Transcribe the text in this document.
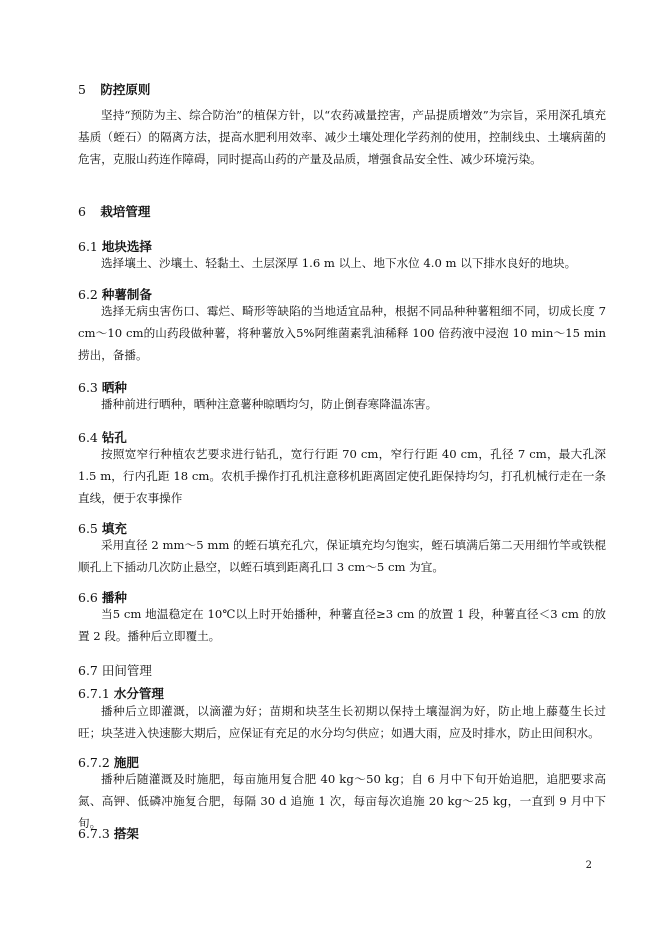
5 防控原则

坚持“预防为主、综合防治”的植保方针，以“农药减量控害，产品提质增效”为宗旨，采用深孔填充基质（蛭石）的隔离方法，提高水肥利用效率、减少土壤处理化学药剂的使用，控制线虫、土壤病菌的危害，克服山药连作障碍，同时提高山药的产量及品质，增强食品安全性、减少环境污染。

6 栽培管理
6.1 地块选择

选择壤土、沙壤土、轻黏土、土层深厚 1.6 m 以上、地下水位 4.0 m 以下排水良好的地块。

6.2 种薯制备

选择无病虫害伤口、霉烂、畸形等缺陷的当地适宜品种，根据不同品种种薯粗细不同，切成长度 7 cm～10 cm的山药段做种薯，将种薯放入5%阿维菌素乳油稀释 100 倍药液中浸泡 10 min～15 min捞出，备播。

6.3 晒种

播种前进行晒种，晒种注意薯种晾晒均匀，防止倒春寒降温冻害。

6.4 钻孔

按照宽窄行种植农艺要求进行钻孔，宽行行距 70 cm，窄行行距 40 cm，孔径 7 cm，最大孔深 1.5 m，行内孔距 18 cm。农机手操作打孔机注意移机距离固定使孔距保持均匀，打孔机械行走在一条直线，便于农事操作

6.5 填充

采用直径 2 mm～5 mm 的蛭石填充孔穴，保证填充均匀饱实，蛭石填满后第二天用细竹竿或铁棍顺孔上下插动几次防止悬空，以蛭石填到距离孔口 3 cm～5 cm 为宜。

6.6 播种

当5 cm 地温稳定在 10℃以上时开始播种，种薯直径≥3 cm 的放置 1 段，种薯直径＜3 cm 的放置 2 段。播种后立即覆土。

6.7 田间管理
6.7.1 水分管理

播种后立即灌溉，以滴灌为好；苗期和块茎生长初期以保持土壤湿润为好，防止地上藤蔓生长过旺；块茎进入快速膨大期后，应保证有充足的水分均匀供应；如遇大雨，应及时排水，防止田间积水。

6.7.2 施肥

播种后随灌溉及时施肥，每亩施用复合肥 40 kg～50 kg；自 6 月中下旬开始追肥，追肥要求高氮、高钾、低磷冲施复合肥，每隔 30 d 追施 1 次，每亩每次追施 20 kg～25 kg，一直到 9 月中下旬。

6.7.3 搭架
2
